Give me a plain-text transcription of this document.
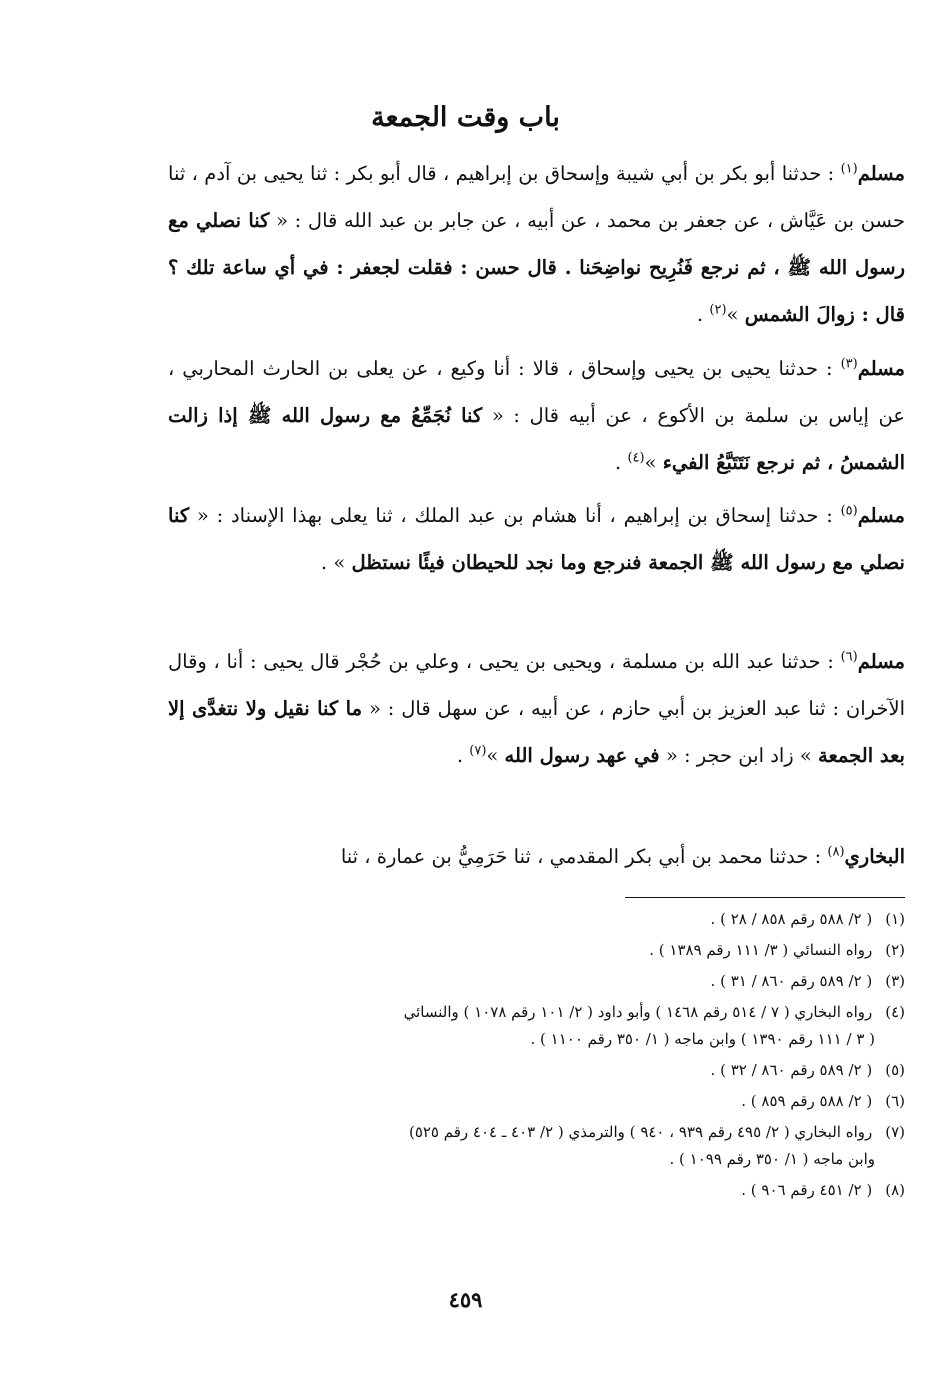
باب وقت الجمعة
مسلم$^{(١)}$ : حدثنا أبو بكر بن أبي شيبة وإسحاق بن إبراهيم ، قال أبو بكر : ثنا يحيى بن آدم ، ثنا حسن بن عَيَّاش ، عن جعفر بن محمد ، عن أبيه ، عن جابر بن عبد الله قال : « كنا نصلي مع رسول الله ﷺ ، ثم نرجع فَنُرِيح نواضِحَنا . قال حسن : فقلت لجعفر : في أي ساعة تلك ؟ قال : زوالَ الشمس »$^{(٢)}$ .
مسلم$^{(٣)}$ : حدثنا يحيى بن يحيى وإسحاق ، قالا : أنا وكيع ، عن يعلى بن الحارث المحاربي ، عن إياس بن سلمة بن الأكوع ، عن أبيه قال : « كنا نُجَمِّعُ مع رسول الله ﷺ إذا زالت الشمسُ ، ثم نرجع نَتَتَبَّعُ الفيء »$^{(٤)}$ .
مسلم$^{(٥)}$ : حدثنا إسحاق بن إبراهيم ، أنا هشام بن عبد الملك ، ثنا يعلى بهذا الإسناد : « كنا نصلي مع رسول الله ﷺ الجمعة فنرجع وما نجد للحيطان فيئًا نستظل » .
مسلم$^{(٦)}$ : حدثنا عبد الله بن مسلمة ، ويحيى بن يحيى ، وعلي بن حُجْر قال يحيى : أنا ، وقال الآخران : ثنا عبد العزيز بن أبي حازم ، عن أبيه ، عن سهل قال : « ما كنا نقيل ولا نتغدَّى إلا بعد الجمعة » زاد ابن حجر : « في عهد رسول الله »$^{(٧)}$ .
البخاري$^{(٨)}$ : حدثنا محمد بن أبي بكر المقدمي ، ثنا حَرَمِيُّ بن عمارة ، ثنا
(١) ( ٢/ ٥٨٨ رقم ٨٥٨ / ٢٨ ) .
(٢) رواه النسائي ( ٣/ ١١١ رقم ١٣٨٩ ) .
(٣) ( ٢/ ٥٨٩ رقم ٨٦٠ / ٣١ ) .
(٤) رواه البخاري ( ٧ / ٥١٤ رقم ١٤٦٨ ) وأبو داود ( ٢/ ١٠١ رقم ١٠٧٨ ) والنسائي
( ٣ / ١١١ رقم ١٣٩٠ ) وابن ماجه ( ١/ ٣٥٠ رقم ١١٠٠ ) .
(٥) ( ٢/ ٥٨٩ رقم ٨٦٠ / ٣٢ ) .
(٦) ( ٢/ ٥٨٨ رقم ٨٥٩ ) .
(٧) رواه البخاري ( ٢/ ٤٩٥ رقم ٩٣٩ ، ٩٤٠ ) والترمذي ( ٢/ ٤٠٣ ـ ٤٠٤ رقم ٥٢٥)
وابن ماجه ( ١/ ٣٥٠ رقم ١٠٩٩ ) .
(٨) ( ٢/ ٤٥١ رقم ٩٠٦ ) .
٤٥٩
